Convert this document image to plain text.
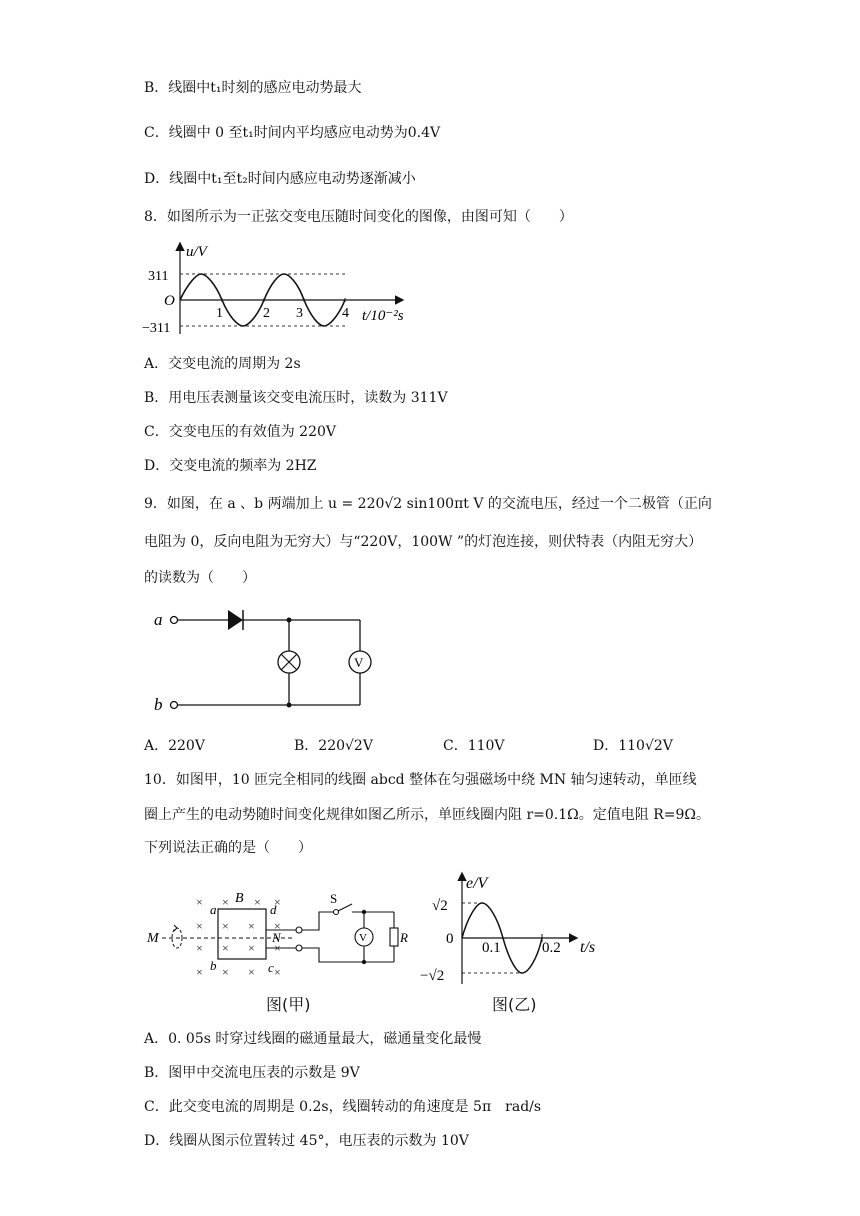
B．线圈中t₁时刻的感应电动势最大
C．线圈中 0 至t₁时间内平均感应电动势为0.4V
D．线圈中t₁至t₂时间内感应电动势逐渐减小
8．如图所示为一正弦交变电压随时间变化的图像，由图可知（　　）
u/V
311
O
−311
1	2 3	4 t/10⁻²s
A．交变电流的周期为 2s
B．用电压表测量该交变电流压时，读数为 311V
C．交变电压的有效值为 220V
D．交变电流的频率为 2HZ
9．如图，在 a 、b 两端加上 u = 220√2 sin100πt V 的交流电压，经过一个二极管（正向
电阻为 0，反向电阻为无穷大）与“220V，100W ”的灯泡连接，则伏特表（内阻无穷大）
的读数为（　　）
a
b
V
A．220V	B．220√2V	C．110V	D．110√2V
10．如图甲，10 匝完全相同的线圈 abcd 整体在匀强磁场中绕 MN 轴匀速转动，单匝线
圈上产生的电动势随时间变化规律如图乙所示，单匝线圈内阻 r=0.1Ω。定值电阻 R=9Ω。
下列说法正确的是（　　）
× × × ×
× × × ×
× × × ×
× × × ×
M
B
a	d
b	c
N
S
V	R
图(甲)
e/V
√2
0
0.1	0.2 t/s
−√2
图(乙)
A．0. 05s 时穿过线圈的磁通量最大，磁通量变化最慢
B．图甲中交流电压表的示数是 9V
C．此交变电流的周期是 0.2s，线圈转动的角速度是 5π　rad/s
D．线圈从图示位置转过 45°，电压表的示数为 10V
